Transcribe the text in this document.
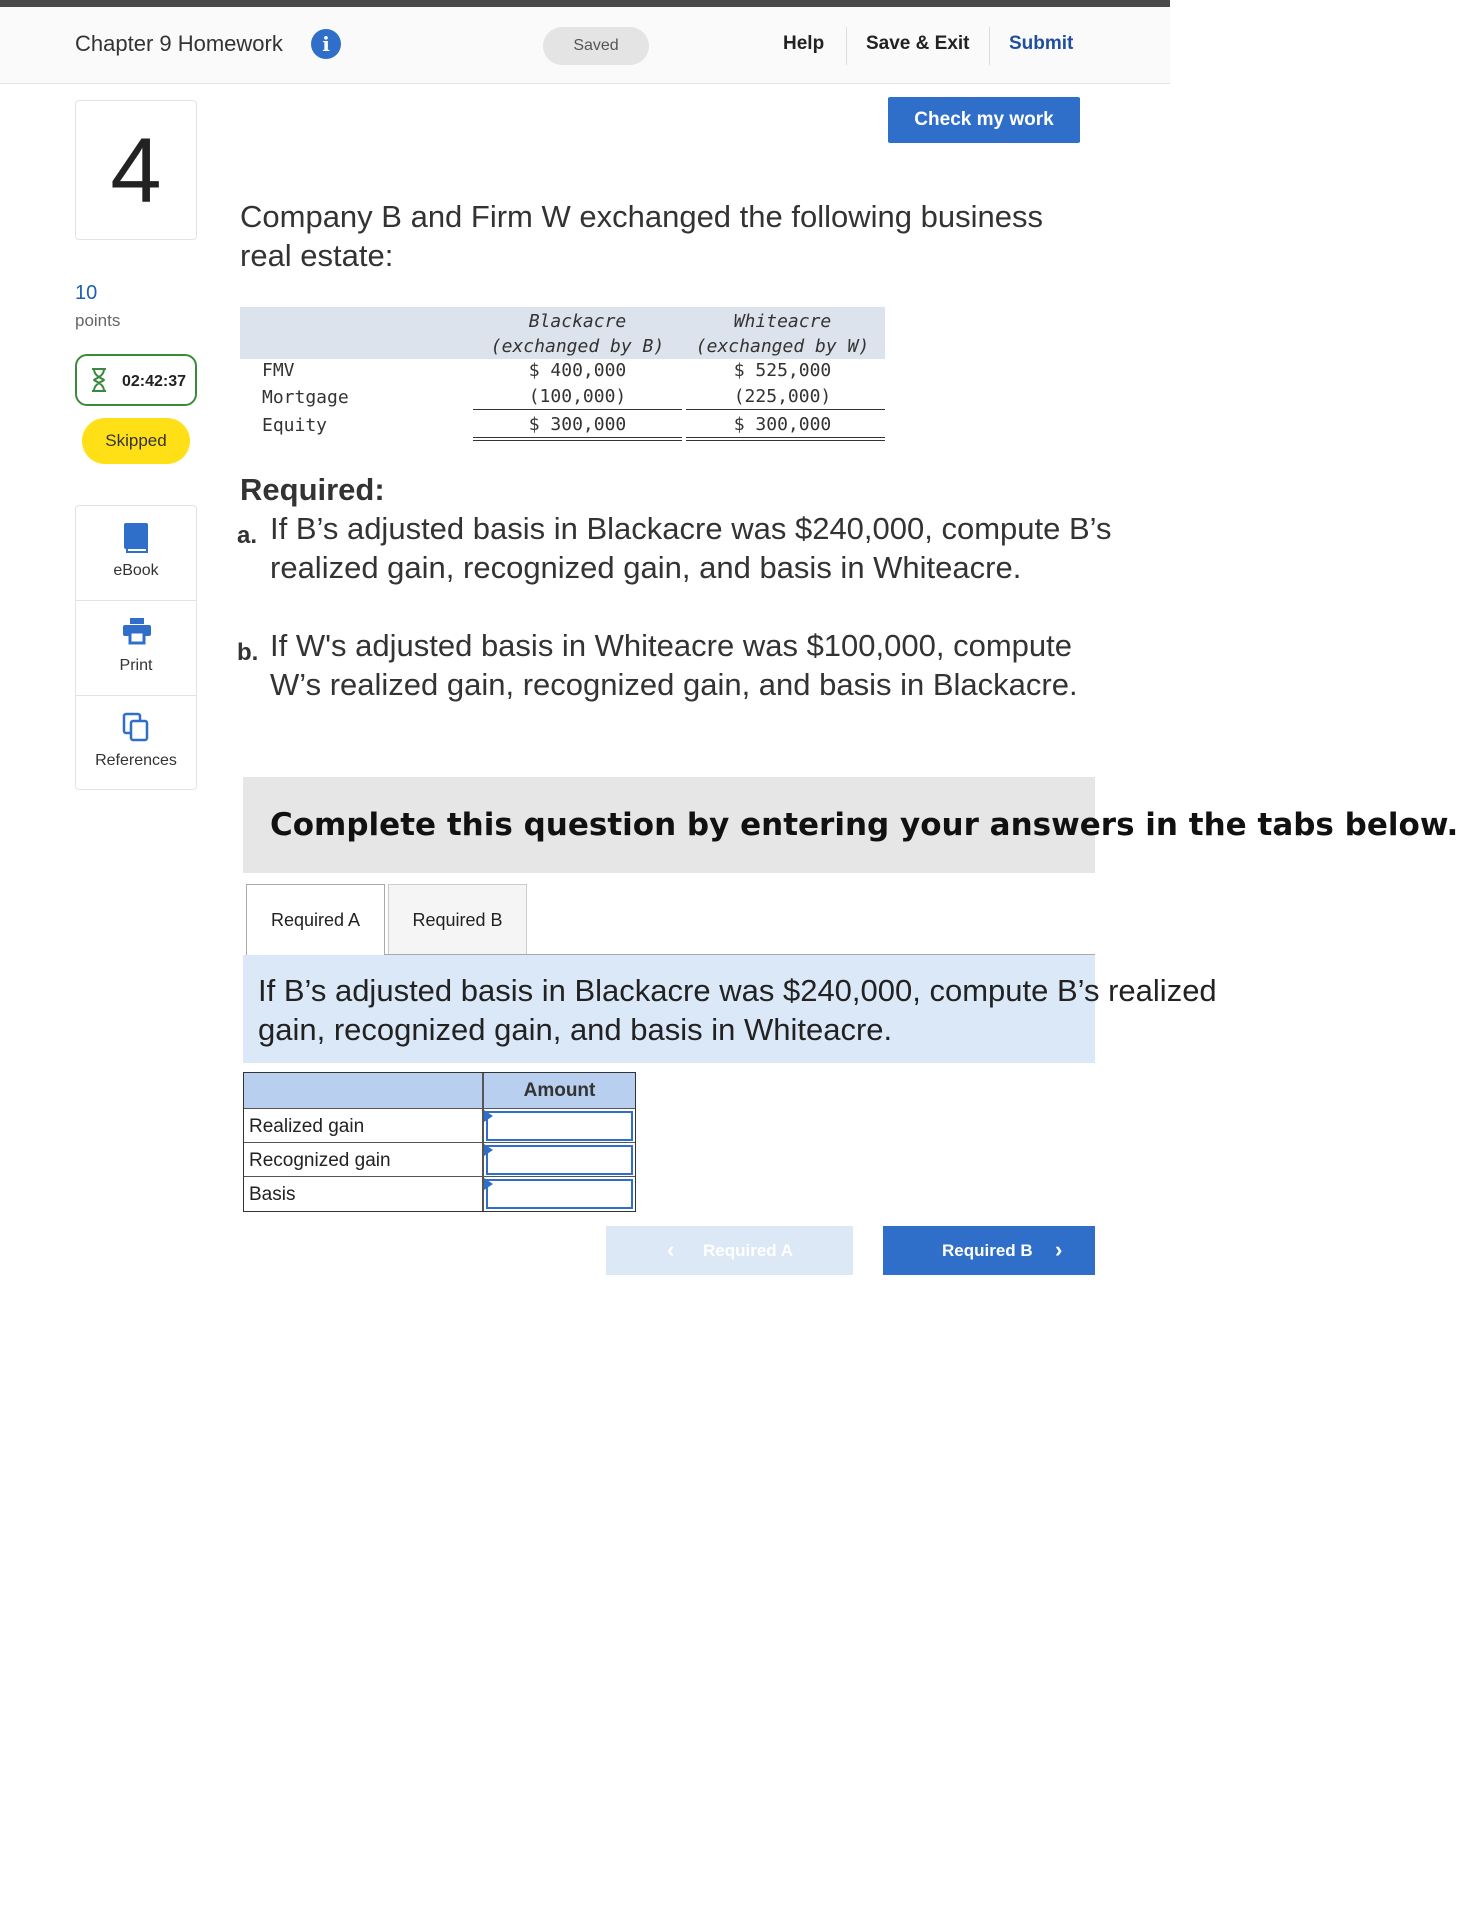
Chapter 9 Homework	i	Saved	Help Save & Exit Submit
Check my work
4
10
points
02:42:37
Skipped
eBook
Print
References
Company B and Firm W exchanged the following business real estate:
Blackacre
(exchanged by B)
Whiteacre
(exchanged by W)
FMV	$ 400,000	$ 525,000
Mortgage	(100,000)	(225,000)
Equity	$ 300,000	$ 300,000
Required:
a. If B’s adjusted basis in Blackacre was $240,000, compute B’s realized gain, recognized gain, and basis in Whiteacre.
b. If W's adjusted basis in Whiteacre was $100,000, compute W’s realized gain, recognized gain, and basis in Blackacre.
Complete this question by entering your answers in the tabs below.
Required A	Required B
If B’s adjusted basis in Blackacre was $240,000, compute B’s realized gain, recognized gain, and basis in Whiteacre.
Amount
Realized gain
Recognized gain
Basis
‹ Required A	Required B ›
